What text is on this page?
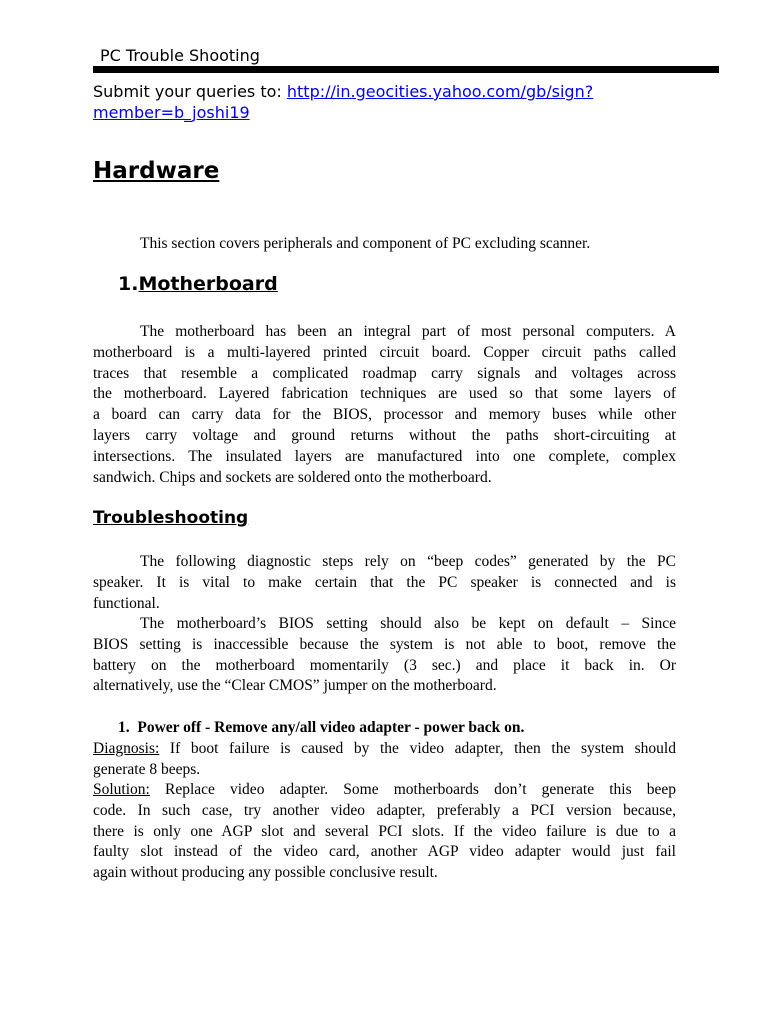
PC Trouble Shooting
Submit your queries to: http://in.geocities.yahoo.com/gb/sign?
member=b_joshi19
Hardware
This section covers peripherals and component of PC excluding scanner.
1.Motherboard
The motherboard has been an integral part of most personal computers. A
motherboard is a multi-layered printed circuit board. Copper circuit paths called
traces that resemble a complicated roadmap carry signals and voltages across
the motherboard. Layered fabrication techniques are used so that some layers of
a board can carry data for the BIOS, processor and memory buses while other
layers carry voltage and ground returns without the paths short-circuiting at
intersections. The insulated layers are manufactured into one complete, complex
sandwich. Chips and sockets are soldered onto the motherboard.
Troubleshooting
The following diagnostic steps rely on “beep codes” generated by the PC
speaker. It is vital to make certain that the PC speaker is connected and is
functional.
The motherboard’s BIOS setting should also be kept on default – Since
BIOS setting is inaccessible because the system is not able to boot, remove the
battery on the motherboard momentarily (3 sec.) and place it back in. Or
alternatively, use the “Clear CMOS” jumper on the motherboard.
1. Power off - Remove any/all video adapter - power back on.
Diagnosis: If boot failure is caused by the video adapter, then the system should
generate 8 beeps.
Solution: Replace video adapter. Some motherboards don’t generate this beep
code. In such case, try another video adapter, preferably a PCI version because,
there is only one AGP slot and several PCI slots. If the video failure is due to a
faulty slot instead of the video card, another AGP video adapter would just fail
again without producing any possible conclusive result.
